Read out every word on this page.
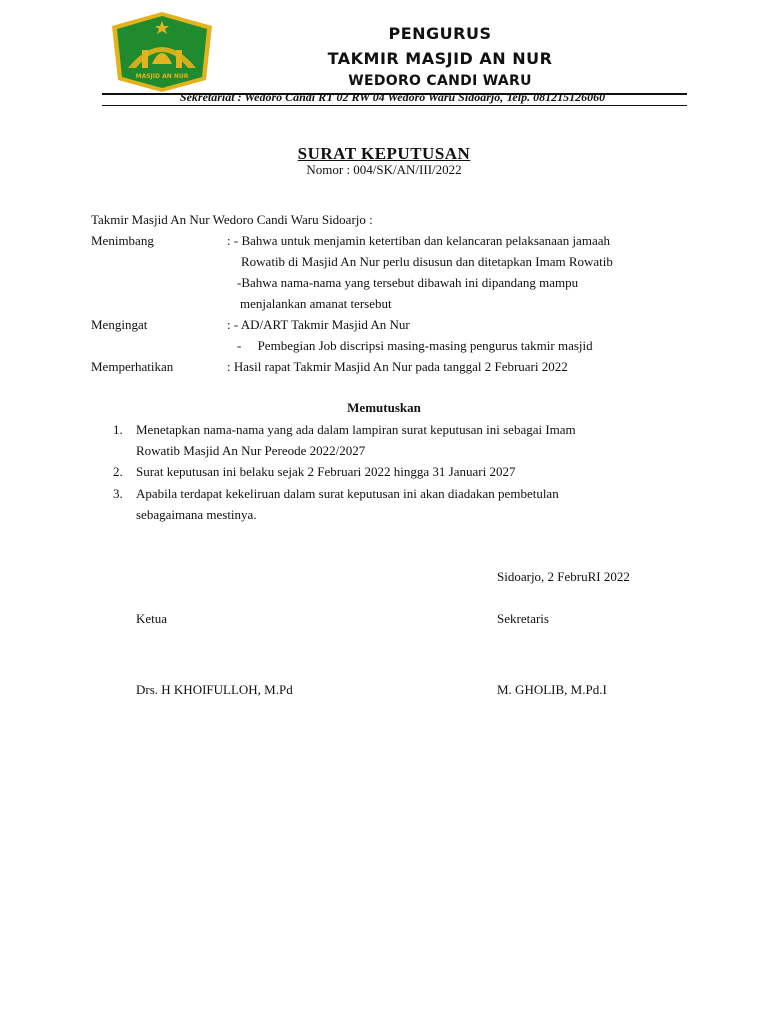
MASJID AN NUR
PENGURUS
TAKMIR MASJID AN NUR
WEDORO CANDI WARU
Sekretariat : Wedoro Candi RT 02 RW 04 Wedoro Waru Sidoarjo, Telp. 081215126060
SURAT KEPUTUSAN
Nomor : 004/SK/AN/III/2022
Takmir Masjid An Nur Wedoro Candi Waru Sidoarjo :
Menimbang	: - Bahwa untuk menjamin ketertiban dan kelancaran pelaksanaan jamaah
Rowatib di Masjid An Nur perlu disusun dan ditetapkan Imam Rowatib
-Bahwa nama-nama yang tersebut dibawah ini dipandang mampu
menjalankan amanat tersebut
Mengingat	: - AD/ART Takmir Masjid An Nur
-     Pembegian Job discripsi masing-masing pengurus takmir masjid
Memperhatikan	: Hasil rapat Takmir Masjid An Nur pada tanggal 2 Februari 2022
Memutuskan
1. Menetapkan nama-nama yang ada dalam lampiran surat keputusan ini sebagai Imam
Rowatib Masjid An Nur Pereode 2022/2027
2. Surat keputusan ini belaku sejak 2 Februari 2022 hingga 31 Januari 2027
3. Apabila terdapat kekeliruan dalam surat keputusan ini akan diadakan pembetulan
sebagaimana mestinya.
Sidoarjo, 2 FebruRI 2022
Ketua	Sekretaris
Drs. H KHOIFULLOH, M.Pd	M. GHOLIB, M.Pd.I
